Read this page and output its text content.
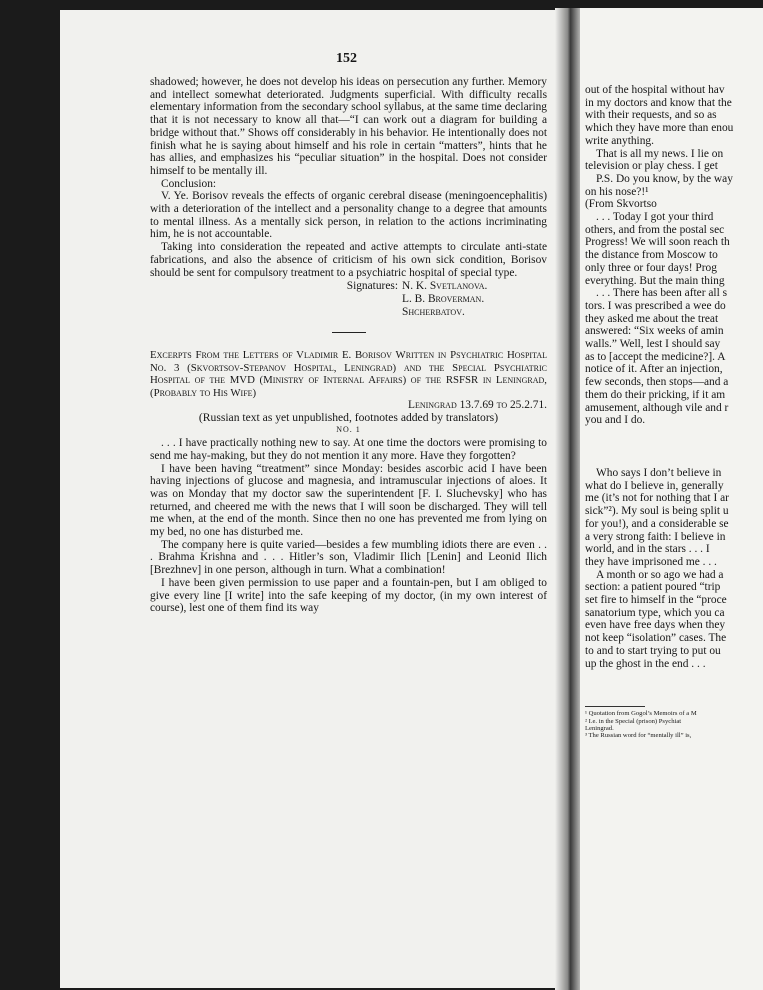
152

shadowed; however, he does not develop his ideas on persecution any further. Memory and intellect somewhat deteriorated. Judgments superficial. With difficulty recalls elementary information from the secondary school syllabus, at the same time declaring that it is not necessary to know all that—“I can work out a diagram for building a bridge without that.” Shows off considerably in his behavior. He intentionally does not finish what he is saying about himself and his role in certain “matters”, hints that he has allies, and emphasizes his “peculiar situation” in the hospital. Does not consider himself to be mentally ill.

Conclusion:

V. Ye. Borisov reveals the effects of organic cerebral disease (meningoencephalitis) with a deterioration of the intellect and a personality change to a degree that amounts to mental illness. As a mentally sick person, in relation to the actions incriminating him, he is not accountable.

Taking into consideration the repeated and active attempts to circulate anti-state fabrications, and also the absence of criticism of his own sick condition, Borisov should be sent for compulsory treatment to a psychiatric hospital of special type.

Signatures: N. K. Svetlanova.
L. B. Broverman.
Shcherbatov.

Excerpts From the Letters of Vladimir E. Borisov Written in Psychiatric Hospital No. 3 (Skvortsov-Stepanov Hospital, Leningrad) and the Special Psychiatric Hospital of the MVD (Ministry of Internal Affairs) of the RSFSR in Leningrad, (Probably to His Wife)

Leningrad 13.7.69 to 25.2.71.

(Russian text as yet unpublished, footnotes added by translators)

NO. 1

. . . I have practically nothing new to say. At one time the doctors were promising to send me hay-making, but they do not mention it any more. Have they forgotten?

I have been having “treatment” since Monday: besides ascorbic acid I have been having injections of glucose and magnesia, and intramuscular injections of aloes. It was on Monday that my doctor saw the superintendent [F. I. Sluchevsky] who has returned, and cheered me with the news that I will soon be discharged. They will tell me when, at the end of the month. Since then no one has prevented me from lying on my bed, no one has disturbed me.

The company here is quite varied—besides a few mumbling idiots there are even . . . Brahma Krishna and . . . Hitler’s son, Vladimir Ilich [Lenin] and Leonid Ilich [Brezhnev] in one person, although in turn. What a combination!

I have been given permission to use paper and a fountain-pen, but I am obliged to give every line [I write] into the safe keeping of my doctor, (in my own interest of course), lest one of them find its way

out of the hospital without hav

in my doctors and know that the

with their requests, and so as

which they have more than enou

write anything.

That is all my news. I lie on

television or play chess. I get

P.S. Do you know, by the way

on his nose?!¹

(From Skvortso

. . . Today I got your third

others, and from the postal sec

Progress! We will soon reach th

the distance from Moscow to

only three or four days! Prog

everything. But the main thing

. . . There has been after all s

tors. I was prescribed a wee do

they asked me about the treat

answered: “Six weeks of amin

walls.” Well, lest I should say

as to [accept the medicine?]. A

notice of it. After an injection,

few seconds, then stops—and a

them do their pricking, if it am

amusement, although vile and r

you and I do.

Who says I don’t believe in

what do I believe in, generally

me (it’s not for nothing that I ar

sick”²). My soul is being split u

for you!), and a considerable se

a very strong faith: I believe in

world, and in the stars . . . I

they have imprisoned me . . .

A month or so ago we had a

section: a patient poured “trip

set fire to himself in the “proce

sanatorium type, which you ca

even have free days when they

not keep “isolation” cases. The

to and to start trying to put ou

up the ghost in the end . . .

¹ Quotation from Gogol’s Memoirs of a M

² I.e. in the Special (prison) Psychiat

Leningrad.

³ The Russian word for “mentally ill” is,
